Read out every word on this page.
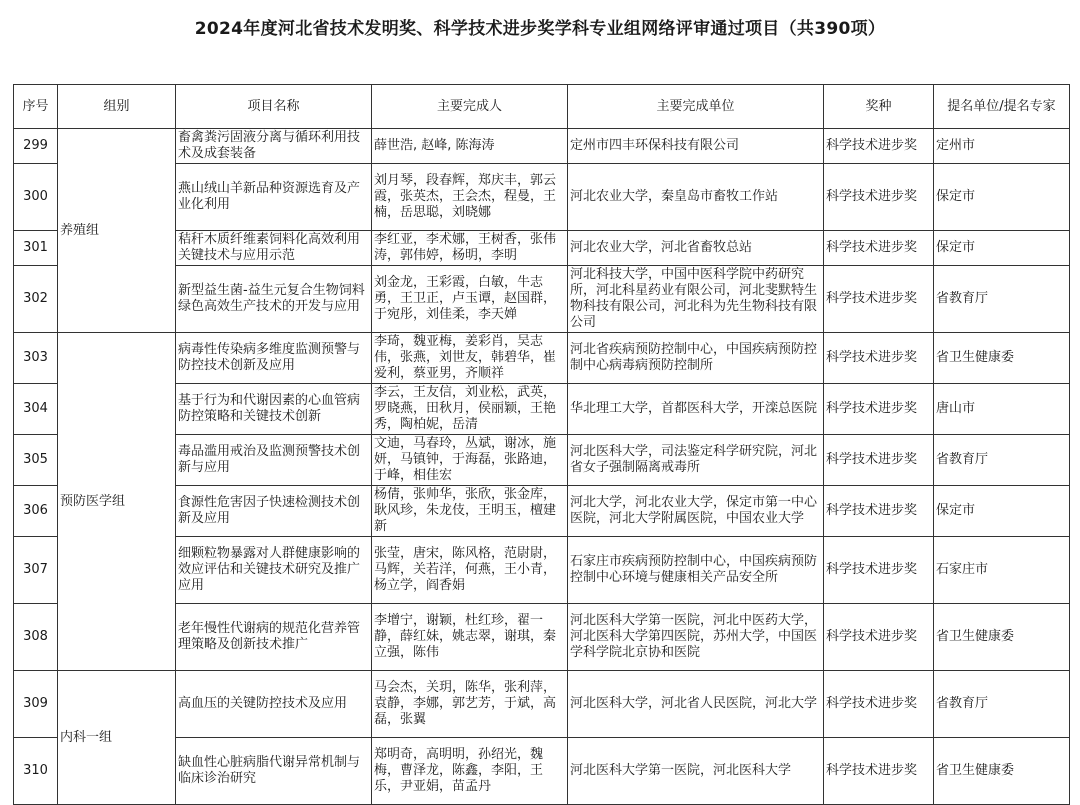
2024年度河北省技术发明奖、科学技术进步奖学科专业组网络评审通过项目（共390项）
序号	组别	项目名称	主要完成人	主要完成单位	奖种	提名单位/提名专家
299	养殖组	畜禽粪污固液分离与循环利用技术及成套装备	薛世浩, 赵峰, 陈海涛	定州市四丰环保科技有限公司	科学技术进步奖	定州市
300		燕山绒山羊新品种资源选育及产业化利用	刘月琴，段春辉，郑庆丰，郭云霞，张英杰，王会杰，程曼，王楠，岳思聪，刘晓娜	河北农业大学，秦皇岛市畜牧工作站	科学技术进步奖	保定市
301		秸秆木质纤维素饲料化高效利用关键技术与应用示范	李红亚，李术娜，王树香，张伟涛，郭伟婷，杨明，李明	河北农业大学，河北省畜牧总站	科学技术进步奖	保定市
302		新型益生菌-益生元复合生物饲料绿色高效生产技术的开发与应用	刘金龙，王彩霞，白敏，牛志勇，王卫正，卢玉谭，赵国群，于宛彤，刘佳柔，李天婵	河北科技大学，中国中医科学院中药研究所，河北科星药业有限公司，河北斐默特生物科技有限公司，河北科为先生物科技有限公司	科学技术进步奖	省教育厅
303	预防医学组	病毒性传染病多维度监测预警与防控技术创新及应用	李琦，魏亚梅，姜彩肖，吴志伟，张燕，刘世友，韩碧华，崔爱利，蔡亚男，齐顺祥	河北省疾病预防控制中心，中国疾病预防控制中心病毒病预防控制所	科学技术进步奖	省卫生健康委
304		基于行为和代谢因素的心血管病防控策略和关键技术创新	李云，王友信，刘业松，武英，罗晓燕，田秋月，侯丽颖，王艳秀，陶柏妮，岳清	华北理工大学，首都医科大学，开滦总医院	科学技术进步奖	唐山市
305		毒品滥用戒治及监测预警技术创新与应用	文迪，马春玲，丛斌，谢冰，施妍，马镇钟，于海磊，张路迪，于峰，相佳宏	河北医科大学，司法鉴定科学研究院，河北省女子强制隔离戒毒所	科学技术进步奖	省教育厅
306		食源性危害因子快速检测技术创新及应用	杨倩，张帅华，张欣，张金库，耿风珍，朱龙伎，王明玉，檀建新	河北大学，河北农业大学，保定市第一中心医院，河北大学附属医院，中国农业大学	科学技术进步奖	保定市
307		细颗粒物暴露对人群健康影响的效应评估和关键技术研究及推广应用	张莹，唐宋，陈风格，范尉尉，马辉，关若洋，何燕，王小青，杨立学，阎香娟	石家庄市疾病预防控制中心，中国疾病预防控制中心环境与健康相关产品安全所	科学技术进步奖	石家庄市
308		老年慢性代谢病的规范化营养管理策略及创新技术推广	李增宁，谢颖，杜红珍，翟一静，薛红妹，姚志翠，谢琪，秦立强，陈伟	河北医科大学第一医院，河北中医药大学，河北医科大学第四医院，苏州大学，中国医学科学院北京协和医院	科学技术进步奖	省卫生健康委
309	内科一组	高血压的关键防控技术及应用	马会杰，关玥，陈华，张利萍，袁静，李娜，郭艺芳，于斌，高磊，张翼	河北医科大学，河北省人民医院，河北大学	科学技术进步奖	省教育厅
310		缺血性心脏病脂代谢异常机制与临床诊治研究	郑明奇，高明明，孙绍光，魏梅，曹泽龙，陈鑫，李阳，王乐，尹亚娟，苗孟丹	河北医科大学第一医院，河北医科大学	科学技术进步奖	省卫生健康委
